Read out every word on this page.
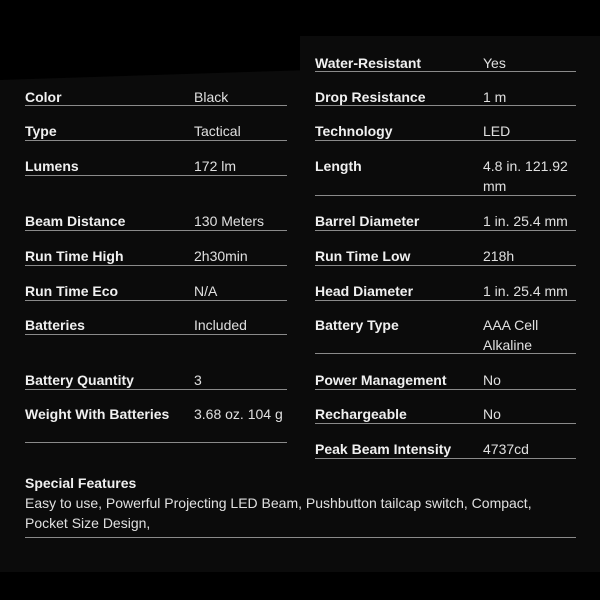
Color	Black
Type	Tactical
Lumens	172 lm
Beam Distance	130 Meters
Run Time High	2h30min
Run Time Eco	N/A
Batteries	Included
Battery Quantity	3
Weight With Batteries	3.68 oz. 104 g
Water-Resistant	Yes
Drop Resistance	1 m
Technology	LED
Length	4.8 in. 121.92 mm
Barrel Diameter	1 in. 25.4 mm
Run Time Low	218h
Head Diameter	1 in. 25.4 mm
Battery Type	AAA Cell Alkaline
Power Management	No
Rechargeable	No
Peak Beam Intensity	4737cd
Special Features
Easy to use, Powerful Projecting LED Beam, Pushbutton tailcap switch, Compact, Pocket Size Design,
